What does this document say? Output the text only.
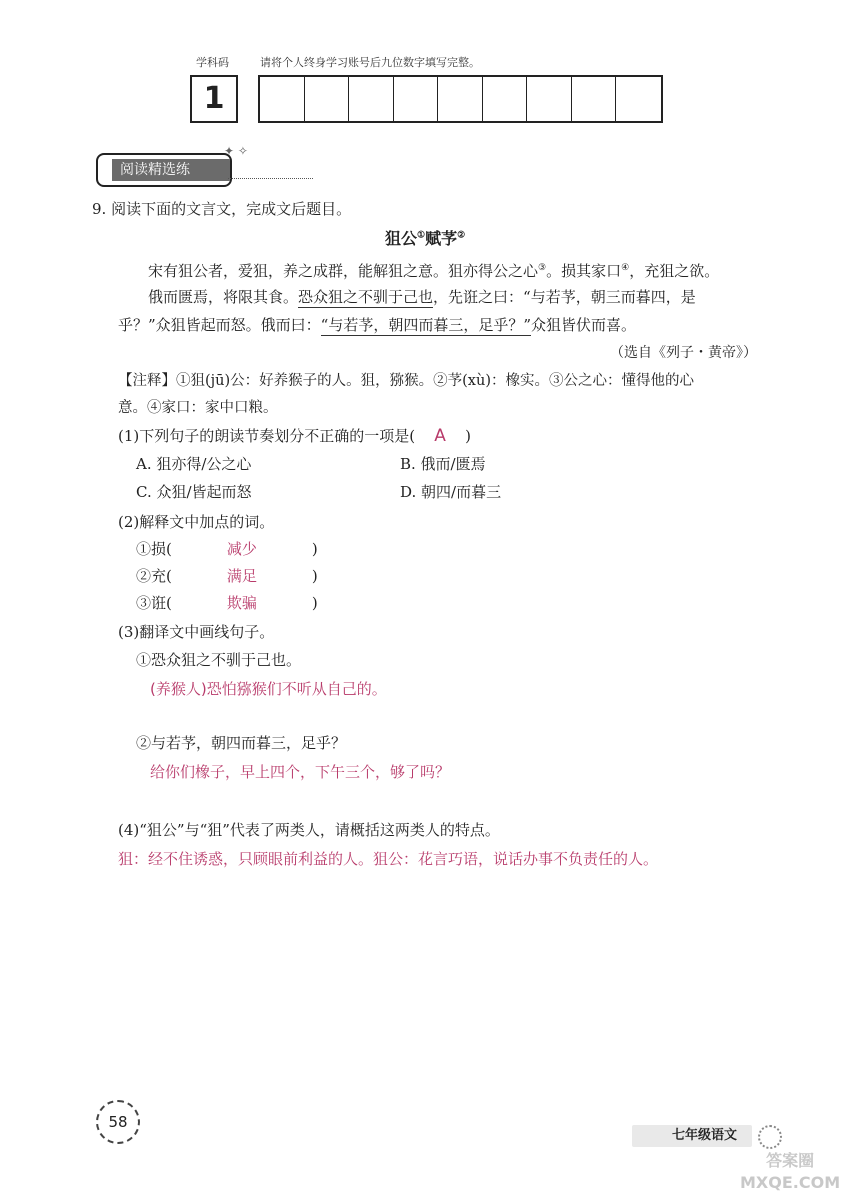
学科码	请将个人终身学习账号后九位数字填写完整。
1
阅读精选练
✦ ✧
9. 阅读下面的文言文，完成文后题目。
狙公①赋芧②
宋有狙公者，爱狙，养之成群，能解狙之意。狙亦得公之心③。损其家口④，充狙之欲。
俄而匮焉，将限其食。恐众狙之不驯于己也，先诳之曰：“与若芧，朝三而暮四，是
乎？”众狙皆起而怒。俄而曰：“与若芧，朝四而暮三，足乎？”众狙皆伏而喜。
（选自《列子・黄帝》）
【注释】①狙(jū)公：好养猴子的人。狙，猕猴。②芧(xù)：橡实。③公之心：懂得他的心
意。④家口：家中口粮。
(1)下列句子的朗读节奏划分不正确的一项是( A )
A. 狙亦得/公之心	B. 俄而/匮焉
C. 众狙/皆起而怒	D. 朝四/而暮三
(2)解释文中加点的词。
①损(	减少	)
②充(	满足	)
③诳(	欺骗	)
(3)翻译文中画线句子。
①恐众狙之不驯于己也。
(养猴人)恐怕猕猴们不听从自己的。
②与若芧，朝四而暮三，足乎？
给你们橡子，早上四个，下午三个，够了吗？
(4)“狙公”与“狙”代表了两类人，请概括这两类人的特点。
狙：经不住诱惑，只顾眼前利益的人。狙公：花言巧语，说话办事不负责任的人。
58
七年级语文
答案圈
MXQE.COM
